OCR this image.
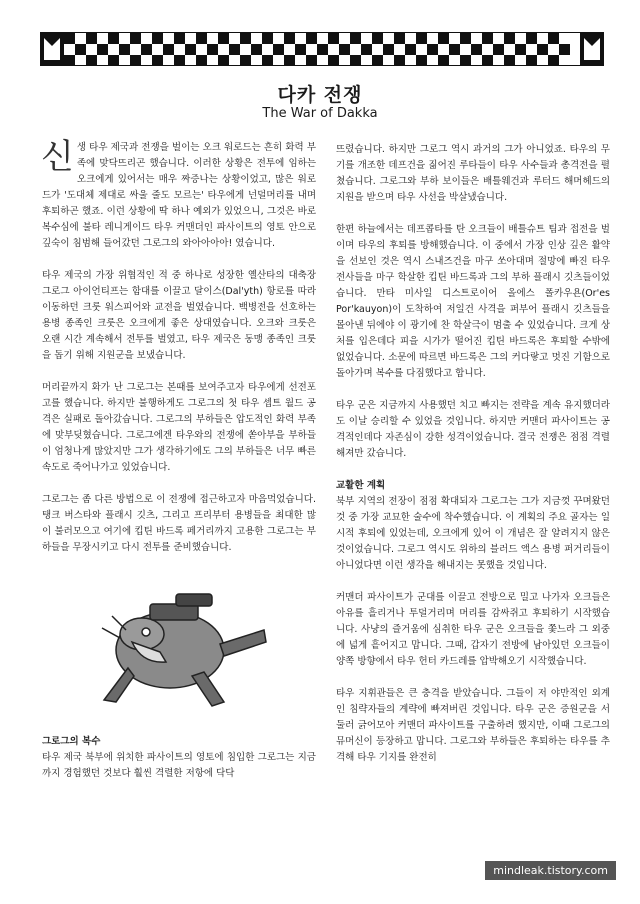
다카 전쟁
The War of Dakka

신생 타우 제국과 전쟁을 벌이는 오크 워로드는 흔히 화력 부족에 맞닥뜨리곤 했습니다. 이러한 상황은 전투에 임하는 오크에게 있어서는 매우 짜증나는 상황이었고, 많은 워로드가 '도대체 제대로 싸울 줄도 모르는' 타우에게 넌덜머리를 내며 후퇴하곤 했죠. 이런 상황에 딱 하나 예외가 있었으니, 그것은 바로 복수심에 불타 레니게이드 타우 커맨더인 파사이트의 영토 안으로 깊숙이 침범해 들어갔던 그로그의 와아아아아! 였습니다.

타우 제국의 가장 위협적인 적 중 하나로 성장한 옐산타의 대축장 그로그 아이언티프는 함대를 이끌고 달이스(Dal'yth) 항로를 따라 이동하던 크룻 워스피어와 교전을 벌였습니다. 백병전을 선호하는 용병 종족인 크룻은 오크에게 좋은 상대였습니다. 오크와 크룻은 오랜 시간 계속해서 전투를 벌였고, 타우 제국은 동맹 종족인 크룻을 돕기 위해 지원군을 보냈습니다.

머리끝까지 화가 난 그로그는 본때를 보여주고자 타우에게 선전포고를 했습니다. 하지만 불행하게도 그로그의 첫 타우 셉트 월드 공격은 실패로 돌아갔습니다. 그로그의 부하들은 압도적인 화력 부족에 맞부딪혔습니다. 그로그에겐 타우와의 전쟁에 쏟아부을 부하들이 엄청나게 많았지만 그가 생각하기에도 그의 부하들은 너무 빠른 속도로 죽어나가고 있었습니다.

그로그는 좀 다른 방법으로 이 전쟁에 접근하고자 마음먹었습니다. 탱크 버스타와 플래시 깃츠, 그리고 프리부터 용병들을 최대한 많이 불러모으고 여기에 킵틴 바드록 페거리까지 고용한 그로그는 부하들을 무장시키고 다시 전투를 준비했습니다.

그로그의 복수

타우 제국 북부에 위치한 파사이트의 영토에 침입한 그로그는 지금까지 경험했던 것보다 훨씬 격렬한 저항에 닥닥

뜨렸습니다. 하지만 그로그 역시 과거의 그가 아니었죠. 타우의 무기를 개조한 데프건을 짊어진 루타들이 타우 사수들과 총격전을 펼쳤습니다. 그로그와 부하 보이들은 배틀웨건과 루터드 해머헤드의 지원을 받으며 타우 사선을 박살냈습니다.

한편 하늘에서는 데프콥타를 탄 오크들이 배틀슈트 팀과 접전을 벌이며 타우의 후퇴를 방해했습니다. 이 중에서 가장 인상 깊은 활약을 선보인 것은 역시 스내즈건을 마구 쏘아대며 절망에 빠진 타우 전사들을 마구 학살한 킵틴 바드록과 그의 부하 플래시 깃츠들이었습니다. 만타 미사일 디스트로이어 올에스 폴카우욘(Or'es Por'kauyon)이 도착하여 저일건 사격을 퍼부어 플래시 깃츠들을 몰아낸 뒤에야 이 광기에 찬 학살극이 멈출 수 있었습니다. 크게 상처를 입은데다 피을 시가가 떨어진 킵틴 바드록은 후퇴할 수밖에 없었습니다. 소문에 따르면 바드록은 그의 커다랗고 멋진 기함으로 돌아가며 복수를 다짐했다고 합니다.

타우 군은 지금까지 사용했던 치고 빠지는 전략을 계속 유지했더라도 이날 승리할 수 있었을 것입니다. 하지만 커맨더 파사이트는 공격적인데다 자존심이 강한 성격이었습니다. 결국 전쟁은 점점 격렬해져만 갔습니다.

교활한 계획

북부 지역의 전장이 점점 확대되자 그로그는 그가 지금껏 꾸며왔던 것 중 가장 교묘한 술수에 착수했습니다. 이 계획의 주요 골자는 일시적 후퇴에 있었는데, 오크에게 있어 이 개념은 잘 알려지지 않은 것이었습니다. 그로그 역시도 위하의 블러드 액스 용병 퍼거리들이 아니었다면 이런 생각을 해내지는 못했을 것입니다.

커맨더 파사이트가 군대를 이끌고 전방으로 밀고 나가자 오크들은 아유를 흘리거나 투덜거리며 머리를 감싸쥐고 후퇴하기 시작했습니다. 사냥의 즐거움에 심취한 타우 군은 오크들을 쫓느라 그 외중에 넓게 흩어지고 맙니다. 그때, 갑자기 전방에 남아있던 오크들이 양쪽 방향에서 타우 헌터 카드레를 압박해오기 시작했습니다.

타우 지휘관들은 큰 충격을 받았습니다. 그들이 저 야만적인 외계인 침략자들의 계략에 빠져버린 것입니다. 타우 군은 증원군을 서둘러 긁어모아 커맨더 파사이트를 구출하려 했지만, 이때 그로그의 뮤머신이 등장하고 맙니다. 그로그와 부하들은 후퇴하는 타우를 추격해 타우 기지를 완전히

mindleak.tistory.com
